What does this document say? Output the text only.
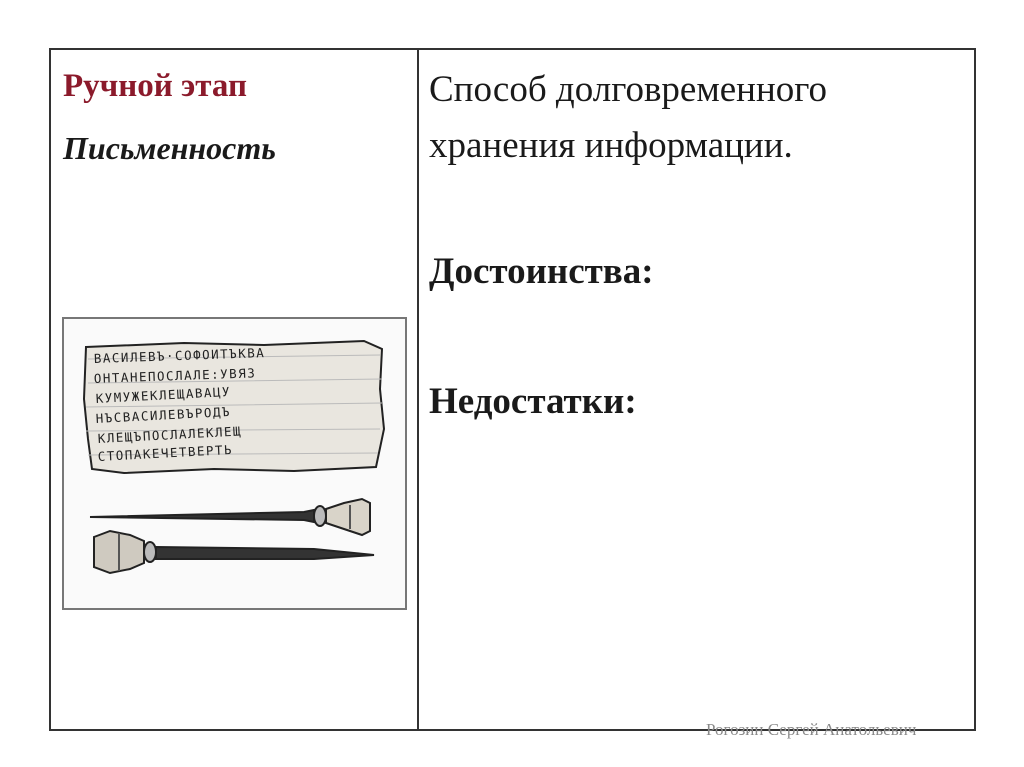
Ручной этап
Письменность
ВАСИЛЕВЪ·СОФОИТЪКВА
ОНТАНЕПОСЛАЛЕ:УВЯЗ
КУМУЖЕКЛЕЩАВАЦУ
НЪСВАСИЛЕВЪРОДЪ
КЛЕЩЪПОСЛАЛЕКЛЕЩ
СТОПАКЕЧЕТВЕРТЬ
Способ долговременного хранения информации.
Достоинства:
Недостатки:
Рогозин Сергей Анатольевич
